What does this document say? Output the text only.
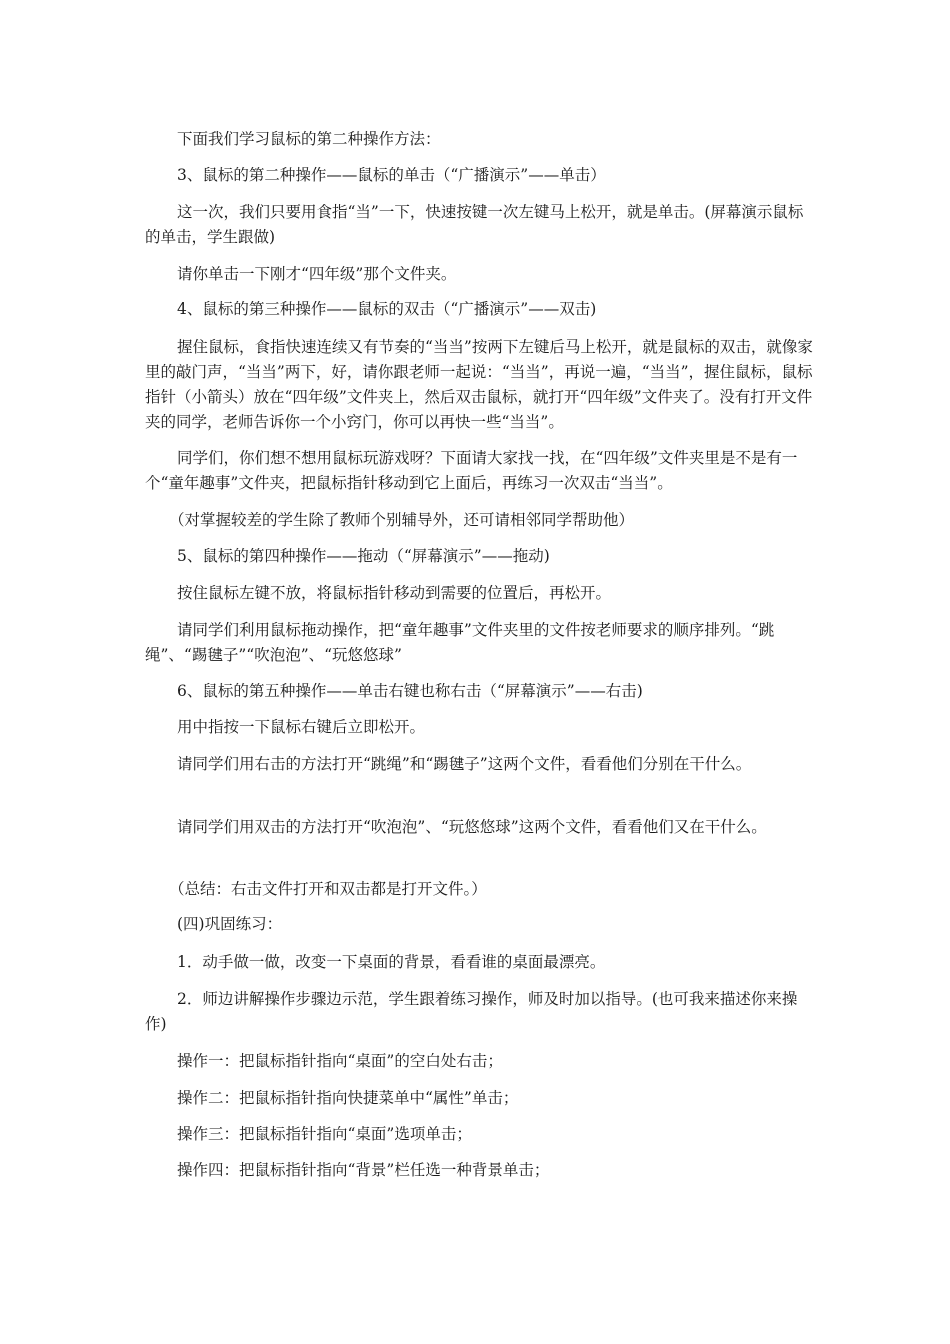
下面我们学习鼠标的第二种操作方法：

3、鼠标的第二种操作——鼠标的单击（“广播演示”——单击）

这一次，我们只要用食指“当”一下，快速按键一次左键马上松开，就是单击。(屏幕演示鼠标的单击，学生跟做)

请你单击一下刚才“四年级”那个文件夹。

4、鼠标的第三种操作——鼠标的双击（“广播演示”——双击)

握住鼠标，食指快速连续又有节奏的“当当”按两下左键后马上松开，就是鼠标的双击，就像家里的敲门声，“当当”两下，好，请你跟老师一起说：“当当”，再说一遍，“当当”，握住鼠标，鼠标指针（小箭头）放在“四年级”文件夹上，然后双击鼠标，就打开“四年级”文件夹了。没有打开文件夹的同学，老师告诉你一个小窍门，你可以再快一些“当当”。

同学们，你们想不想用鼠标玩游戏呀？下面请大家找一找，在“四年级”文件夹里是不是有一个“童年趣事”文件夹，把鼠标指针移动到它上面后，再练习一次双击“当当”。

（对掌握较差的学生除了教师个别辅导外，还可请相邻同学帮助他）

5、鼠标的第四种操作——拖动（“屏幕演示”——拖动)

按住鼠标左键不放，将鼠标指针移动到需要的位置后，再松开。

请同学们利用鼠标拖动操作，把“童年趣事”文件夹里的文件按老师要求的顺序排列。“跳绳”、“踢毽子”“吹泡泡”、“玩悠悠球”

6、鼠标的第五种操作——单击右键也称右击（“屏幕演示”——右击)

用中指按一下鼠标右键后立即松开。

请同学们用右击的方法打开“跳绳”和“踢毽子”这两个文件，看看他们分别在干什么。

请同学们用双击的方法打开“吹泡泡”、“玩悠悠球”这两个文件，看看他们又在干什么。

（总结：右击文件打开和双击都是打开文件。）

(四)巩固练习：

1．动手做一做，改变一下桌面的背景，看看谁的桌面最漂亮。

2．师边讲解操作步骤边示范，学生跟着练习操作，师及时加以指导。(也可我来描述你来操作)

操作一：把鼠标指针指向“桌面”的空白处右击；

操作二：把鼠标指针指向快捷菜单中“属性”单击；

操作三：把鼠标指针指向“桌面”选项单击；

操作四：把鼠标指针指向“背景”栏任选一种背景单击；
